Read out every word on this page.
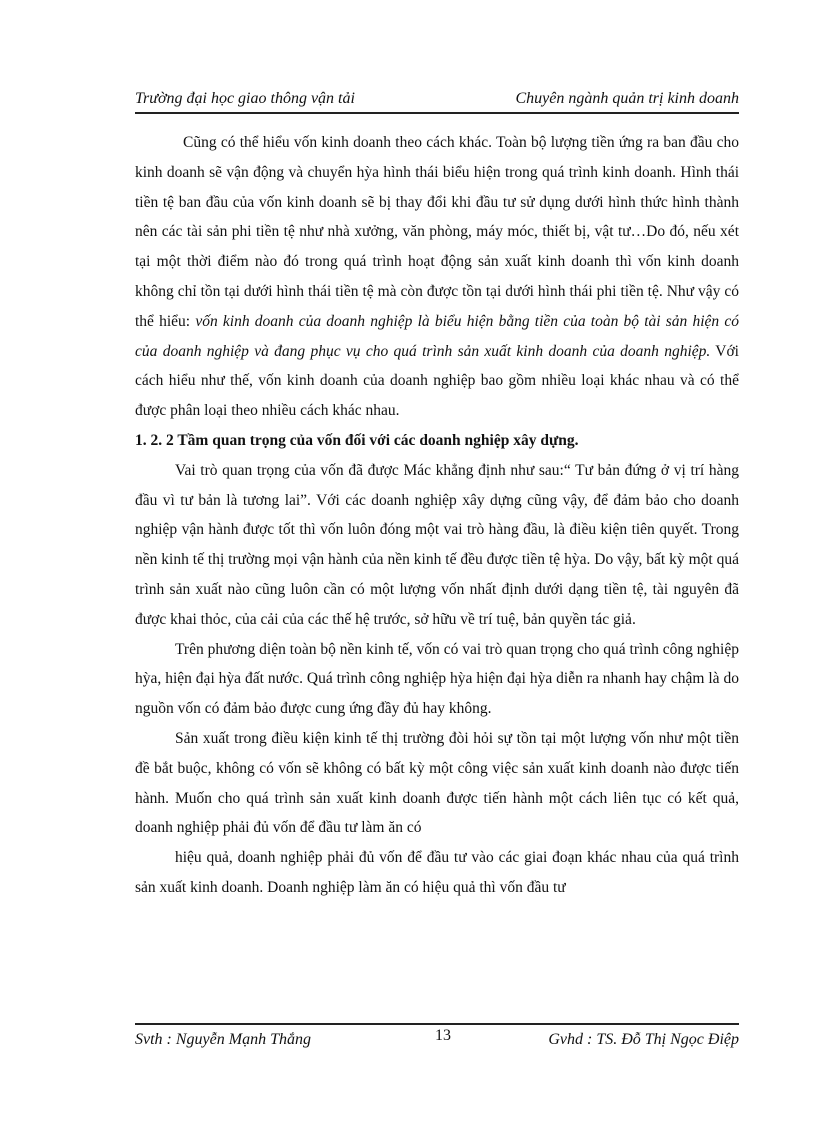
Trường đại học giao thông vận tải	Chuyên ngành quản trị kinh doanh

Cũng có thể hiểu vốn kinh doanh theo cách khác. Toàn bộ lượng tiền ứng ra ban đầu cho kinh doanh sẽ vận động và chuyển hỳa hình thái biểu hiện trong quá trình kinh doanh. Hình thái tiền tệ ban đầu của vốn kinh doanh sẽ bị thay đổi khi đầu tư sử dụng dưới hình thức hình thành nên các tài sản phi tiền tệ như nhà xưởng, văn phòng, máy móc, thiết bị, vật tư…Do đó, nếu xét tại một thời điểm nào đó trong quá trình hoạt động sản xuất kinh doanh thì vốn kinh doanh không chỉ tồn tại dưới hình thái tiền tệ mà còn được tồn tại dưới hình thái phi tiền tệ. Như vậy có thể hiểu: vốn kinh doanh của doanh nghiệp là biểu hiện bằng tiền của toàn bộ tài sản hiện có của doanh nghiệp và đang phục vụ cho quá trình sản xuất kinh doanh của doanh nghiệp. Với cách hiểu như thế, vốn kinh doanh của doanh nghiệp bao gồm nhiều loại khác nhau và có thể được phân loại theo nhiều cách khác nhau.

1. 2. 2 Tầm quan trọng của vốn đối với các doanh nghiệp xây dựng.

Vai trò quan trọng của vốn đã được Mác khẳng định như sau:“ Tư bản đứng ở vị trí hàng đầu vì tư bản là tương lai”. Với các doanh nghiệp xây dựng cũng vậy, để đảm bảo cho doanh nghiệp vận hành được tốt thì vốn luôn đóng một vai trò hàng đầu, là điều kiện tiên quyết. Trong nền kinh tế thị trường mọi vận hành của nền kinh tế đều được tiền tệ hỳa. Do vậy, bất kỳ một quá trình sản xuất nào cũng luôn cần có một lượng vốn nhất định dưới dạng tiền tệ, tài nguyên đã được khai thỏc, của cải của các thế hệ trước, sở hữu về trí tuệ, bản quyền tác giả.

Trên phương diện toàn bộ nền kinh tế, vốn có vai trò quan trọng cho quá trình công nghiệp hỳa, hiện đại hỳa đất nước. Quá trình công nghiệp hỳa hiện đại hỳa diễn ra nhanh hay chậm là do nguồn vốn có đảm bảo được cung ứng đầy đủ hay không.

Sản xuất trong điều kiện kinh tế thị trường đòi hỏi sự tồn tại một lượng vốn như một tiền đề bắt buộc, không có vốn sẽ không có bất kỳ một công việc sản xuất kinh doanh nào được tiến hành. Muốn cho quá trình sản xuất kinh doanh được tiến hành một cách liên tục có kết quả, doanh nghiệp phải đủ vốn để đầu tư làm ăn có

hiệu quả, doanh nghiệp phải đủ vốn để đầu tư vào các giai đoạn khác nhau của quá trình sản xuất kinh doanh. Doanh nghiệp làm ăn có hiệu quả thì vốn đầu tư

Svth : Nguyễn Mạnh Thắng	13	Gvhd : TS. Đỗ Thị Ngọc Điệp
